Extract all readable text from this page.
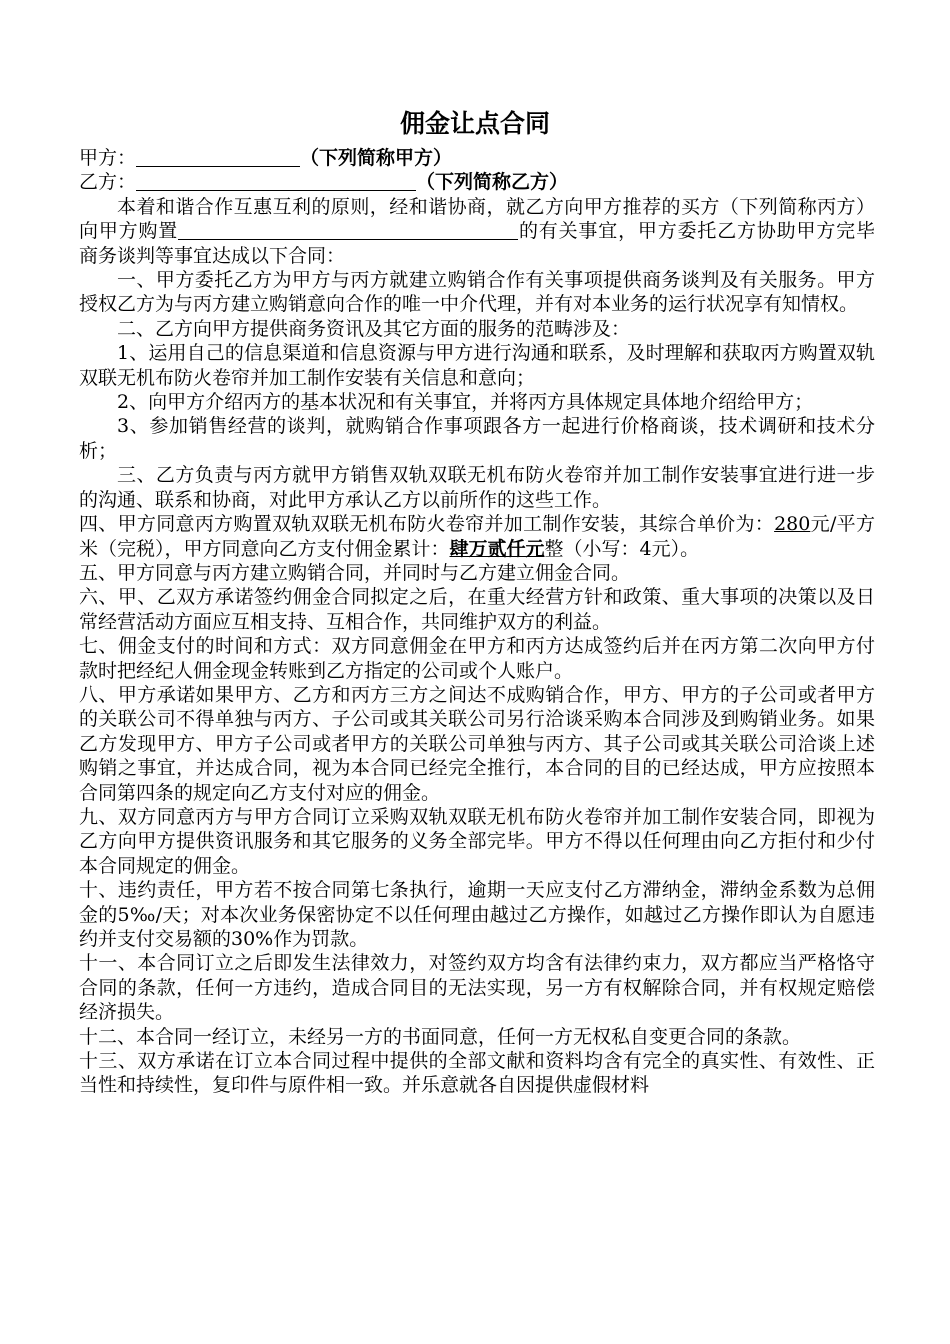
佣金让点合同

甲方：	（下列简称甲方）

乙方：	（下列简称乙方）

本着和谐合作互惠互利的原则，经和谐协商，就乙方向甲方推荐的买方（下列简称丙方）向甲方购置	的有关事宜，甲方委托乙方协助甲方完毕商务谈判等事宜达成以下合同：

一、甲方委托乙方为甲方与丙方就建立购销合作有关事项提供商务谈判及有关服务。甲方授权乙方为与丙方建立购销意向合作的唯一中介代理，并有对本业务的运行状况享有知情权。

二、乙方向甲方提供商务资讯及其它方面的服务的范畴涉及：

1、运用自己的信息渠道和信息资源与甲方进行沟通和联系，及时理解和获取丙方购置双轨双联无机布防火卷帘并加工制作安装有关信息和意向；

2、向甲方介绍丙方的基本状况和有关事宜，并将丙方具体规定具体地介绍给甲方；

3、参加销售经营的谈判，就购销合作事项跟各方一起进行价格商谈，技术调研和技术分析；

三、乙方负责与丙方就甲方销售双轨双联无机布防火卷帘并加工制作安装事宜进行进一步的沟通、联系和协商，对此甲方承认乙方以前所作的这些工作。

四、甲方同意丙方购置双轨双联无机布防火卷帘并加工制作安装，其综合单价为：280元/平方米（完税），甲方同意向乙方支付佣金累计：肆万贰仟元整（小写：4元）。

五、甲方同意与丙方建立购销合同，并同时与乙方建立佣金合同。

六、甲、乙双方承诺签约佣金合同拟定之后，在重大经营方针和政策、重大事项的决策以及日常经营活动方面应互相支持、互相合作，共同维护双方的利益。

七、佣金支付的时间和方式：双方同意佣金在甲方和丙方达成签约后并在丙方第二次向甲方付款时把经纪人佣金现金转账到乙方指定的公司或个人账户。

八、甲方承诺如果甲方、乙方和丙方三方之间达不成购销合作，甲方、甲方的子公司或者甲方的关联公司不得单独与丙方、子公司或其关联公司另行洽谈采购本合同涉及到购销业务。如果乙方发现甲方、甲方子公司或者甲方的关联公司单独与丙方、其子公司或其关联公司洽谈上述购销之事宜，并达成合同，视为本合同已经完全推行，本合同的目的已经达成，甲方应按照本合同第四条的规定向乙方支付对应的佣金。

九、双方同意丙方与甲方合同订立采购双轨双联无机布防火卷帘并加工制作安装合同，即视为乙方向甲方提供资讯服务和其它服务的义务全部完毕。甲方不得以任何理由向乙方拒付和少付本合同规定的佣金。

十、违约责任，甲方若不按合同第七条执行，逾期一天应支付乙方滞纳金，滞纳金系数为总佣金的5‰/天；对本次业务保密协定不以任何理由越过乙方操作，如越过乙方操作即认为自愿违约并支付交易额的30%作为罚款。

十一、本合同订立之后即发生法律效力，对签约双方均含有法律约束力，双方都应当严格恪守合同的条款，任何一方违约，造成合同目的无法实现，另一方有权解除合同，并有权规定赔偿经济损失。

十二、本合同一经订立，未经另一方的书面同意，任何一方无权私自变更合同的条款。

十三、双方承诺在订立本合同过程中提供的全部文献和资料均含有完全的真实性、有效性、正当性和持续性，复印件与原件相一致。并乐意就各自因提供虚假材料
